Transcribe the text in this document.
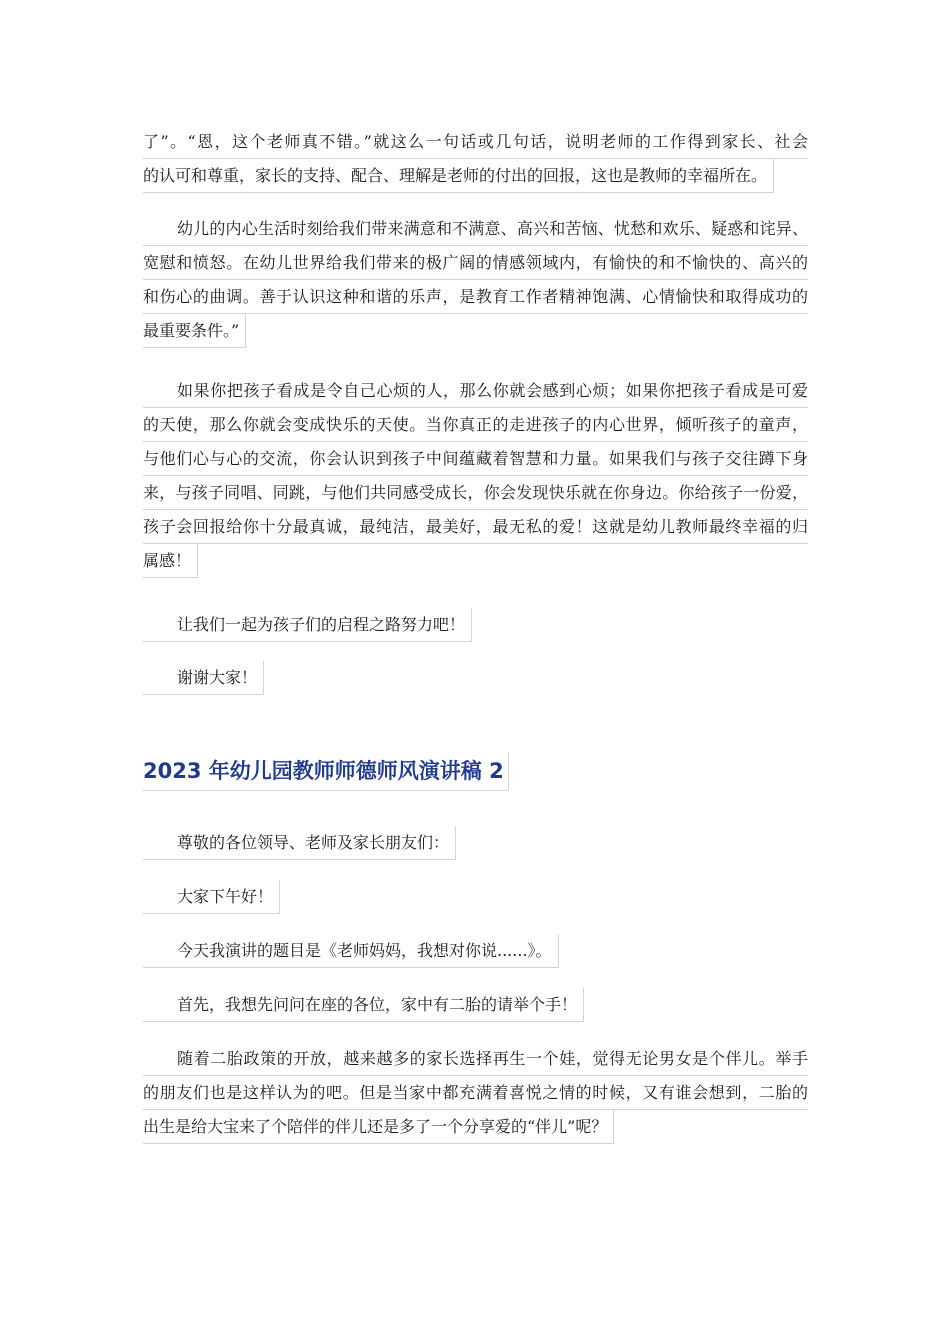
了”。“恩，这个老师真不错。”就这么一句话或几句话，说明老师的工作得到家长、社会
的认可和尊重，家长的支持、配合、理解是老师的付出的回报，这也是教师的幸福所在。
幼儿的内心生活时刻给我们带来满意和不满意、高兴和苦恼、忧愁和欢乐、疑惑和诧异、
宽慰和愤怒。在幼儿世界给我们带来的极广阔的情感领域内，有愉快的和不愉快的、高兴的
和伤心的曲调。善于认识这种和谐的乐声，是教育工作者精神饱满、心情愉快和取得成功的
最重要条件。”
如果你把孩子看成是令自己心烦的人，那么你就会感到心烦；如果你把孩子看成是可爱
的天使，那么你就会变成快乐的天使。当你真正的走进孩子的内心世界，倾听孩子的童声，
与他们心与心的交流，你会认识到孩子中间蕴藏着智慧和力量。如果我们与孩子交往蹲下身
来，与孩子同唱、同跳，与他们共同感受成长，你会发现快乐就在你身边。你给孩子一份爱，
孩子会回报给你十分最真诚，最纯洁，最美好，最无私的爱！这就是幼儿教师最终幸福的归
属感！
让我们一起为孩子们的启程之路努力吧！
谢谢大家！
2023 年幼儿园教师师德师风演讲稿 2
尊敬的各位领导、老师及家长朋友们：
大家下午好！
今天我演讲的题目是《老师妈妈，我想对你说......》。
首先，我想先问问在座的各位，家中有二胎的请举个手！
随着二胎政策的开放，越来越多的家长选择再生一个娃，觉得无论男女是个伴儿。举手
的朋友们也是这样认为的吧。但是当家中都充满着喜悦之情的时候，又有谁会想到，二胎的
出生是给大宝来了个陪伴的伴儿还是多了一个分享爱的“伴儿”呢？
